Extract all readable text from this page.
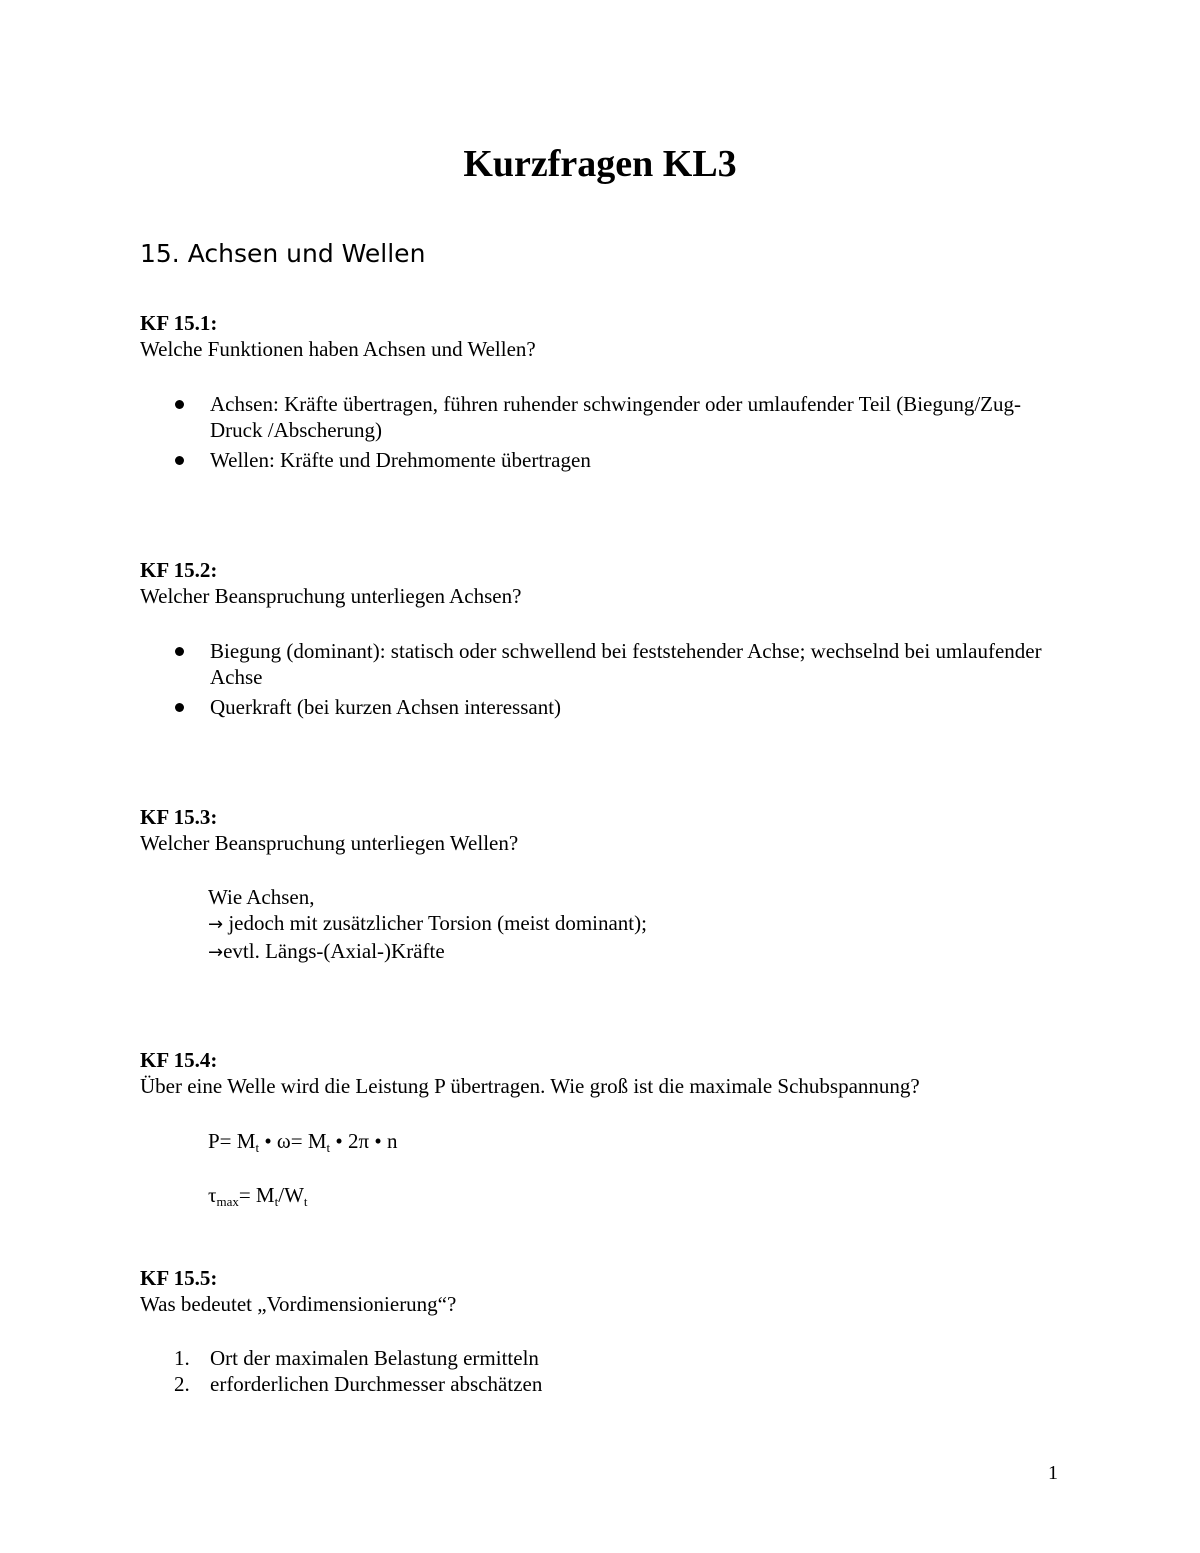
Kurzfragen KL3
15. Achsen und Wellen
KF 15.1:
Welche Funktionen haben Achsen und Wellen?
Achsen: Kräfte übertragen, führen ruhender schwingender oder umlaufender Teil (Biegung/Zug- Druck /Abscherung)
Wellen: Kräfte und Drehmomente übertragen
KF 15.2:
Welcher Beanspruchung unterliegen Achsen?
Biegung (dominant): statisch oder schwellend bei feststehender Achse; wechselnd bei umlaufender Achse
Querkraft (bei kurzen Achsen interessant)
KF 15.3:
Welcher Beanspruchung unterliegen Wellen?
Wie Achsen,
→ jedoch mit zusätzlicher Torsion (meist dominant);
→evtl. Längs-(Axial-)Kräfte
KF 15.4:
Über eine Welle wird die Leistung P übertragen. Wie groß ist die maximale Schubspannung?
$P= M_t$ • $\omega= M_t$ • 2π • n
$\tau_{max}= M_t/W_t$
KF 15.5:
Was bedeutet „Vordimensionierung“?
1. Ort der maximalen Belastung ermitteln
2. erforderlichen Durchmesser abschätzen
1
